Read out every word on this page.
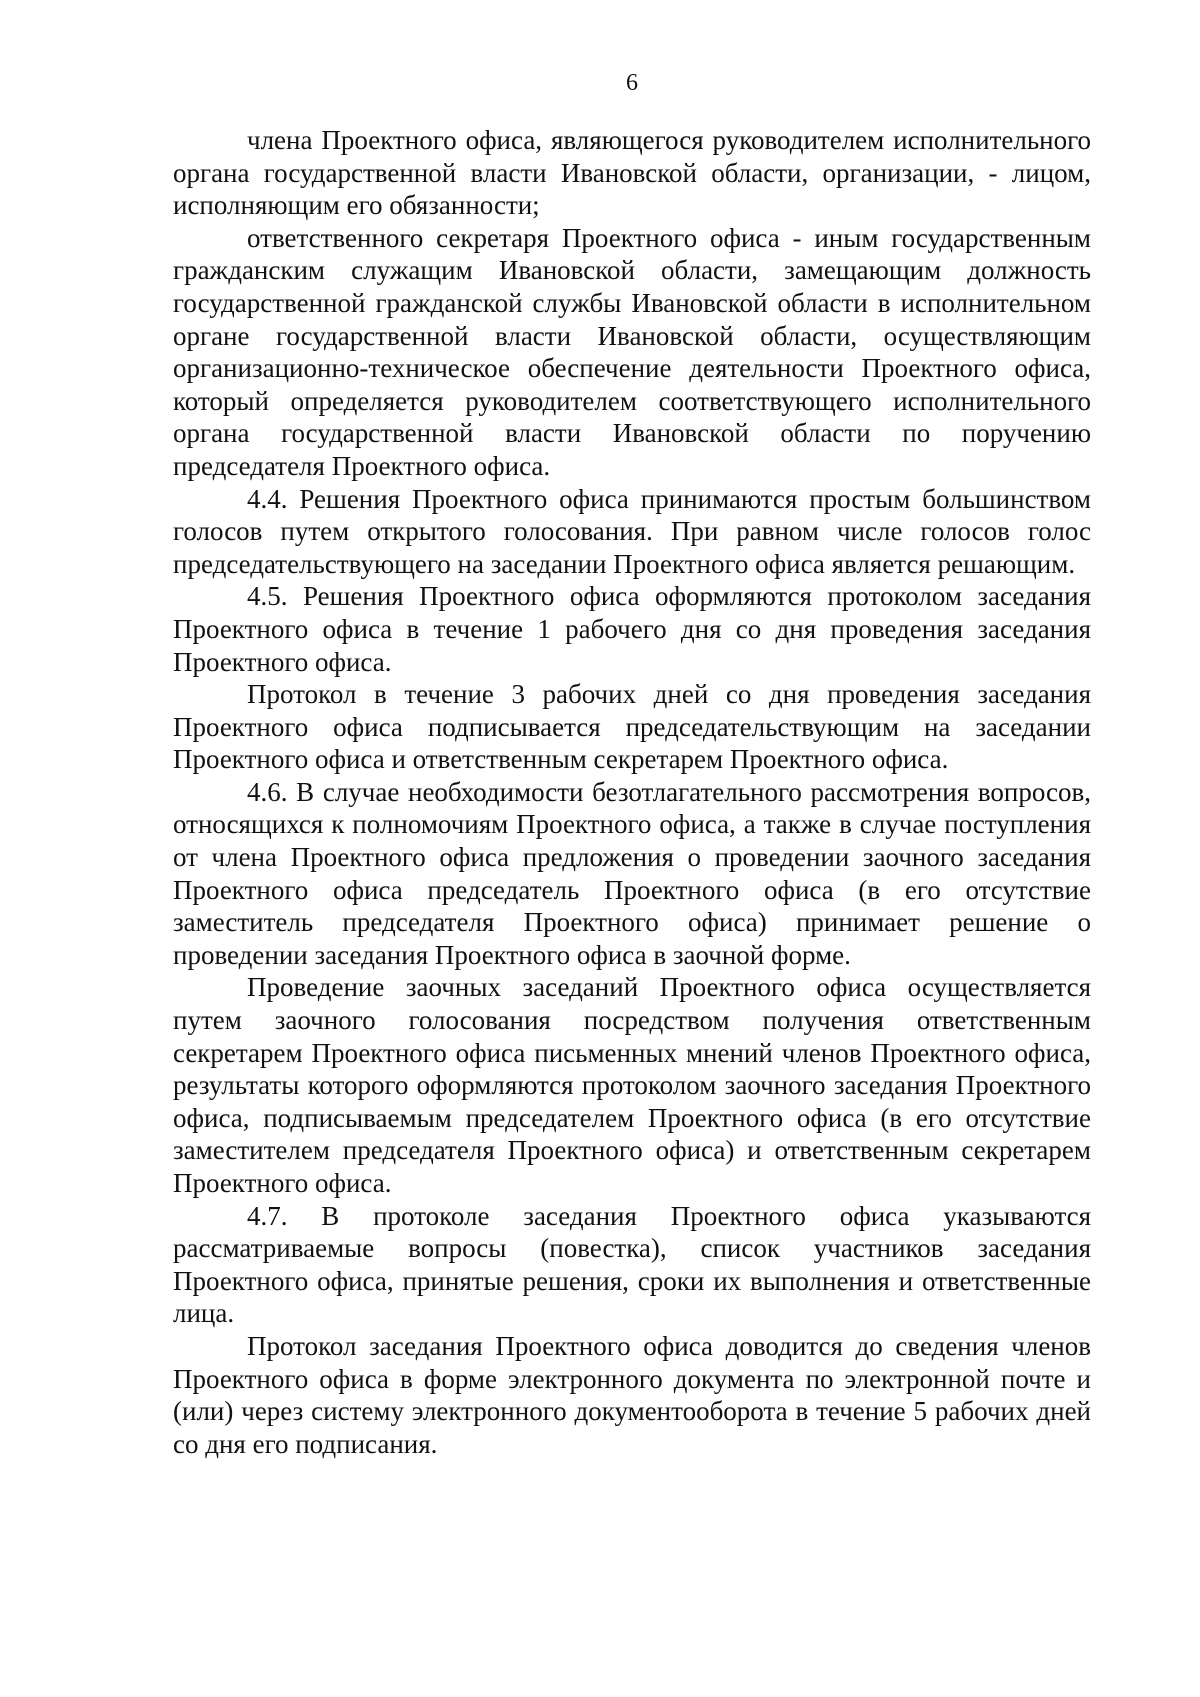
6

члена Проектного офиса, являющегося руководителем исполнительного органа государственной власти Ивановской области, организации, - лицом, исполняющим его обязанности;

ответственного секретаря Проектного офиса - иным государственным гражданским служащим Ивановской области, замещающим должность государственной гражданской службы Ивановской области в исполнительном органе государственной власти Ивановской области, осуществляющим организационно-техническое обеспечение деятельности Проектного офиса, который определяется руководителем соответствующего исполнительного органа государственной власти Ивановской области по поручению председателя Проектного офиса.

4.4. Решения Проектного офиса принимаются простым большинством голосов путем открытого голосования. При равном числе голосов голос председательствующего на заседании Проектного офиса является решающим.

4.5. Решения Проектного офиса оформляются протоколом заседания Проектного офиса в течение 1 рабочего дня со дня проведения заседания Проектного офиса.

Протокол в течение 3 рабочих дней со дня проведения заседания Проектного офиса подписывается председательствующим на заседании Проектного офиса и ответственным секретарем Проектного офиса.

4.6. В случае необходимости безотлагательного рассмотрения вопросов, относящихся к полномочиям Проектного офиса, а также в случае поступления от члена Проектного офиса предложения о проведении заочного заседания Проектного офиса председатель Проектного офиса (в его отсутствие заместитель председателя Проектного офиса) принимает решение о проведении заседания Проектного офиса в заочной форме.

Проведение заочных заседаний Проектного офиса осуществляется путем заочного голосования посредством получения ответственным секретарем Проектного офиса письменных мнений членов Проектного офиса, результаты которого оформляются протоколом заочного заседания Проектного офиса, подписываемым председателем Проектного офиса (в его отсутствие заместителем председателя Проектного офиса) и ответственным секретарем Проектного офиса.

4.7. В протоколе заседания Проектного офиса указываются рассматриваемые вопросы (повестка), список участников заседания Проектного офиса, принятые решения, сроки их выполнения и ответственные лица.

Протокол заседания Проектного офиса доводится до сведения членов Проектного офиса в форме электронного документа по электронной почте и (или) через систему электронного документооборота в течение 5 рабочих дней со дня его подписания.
